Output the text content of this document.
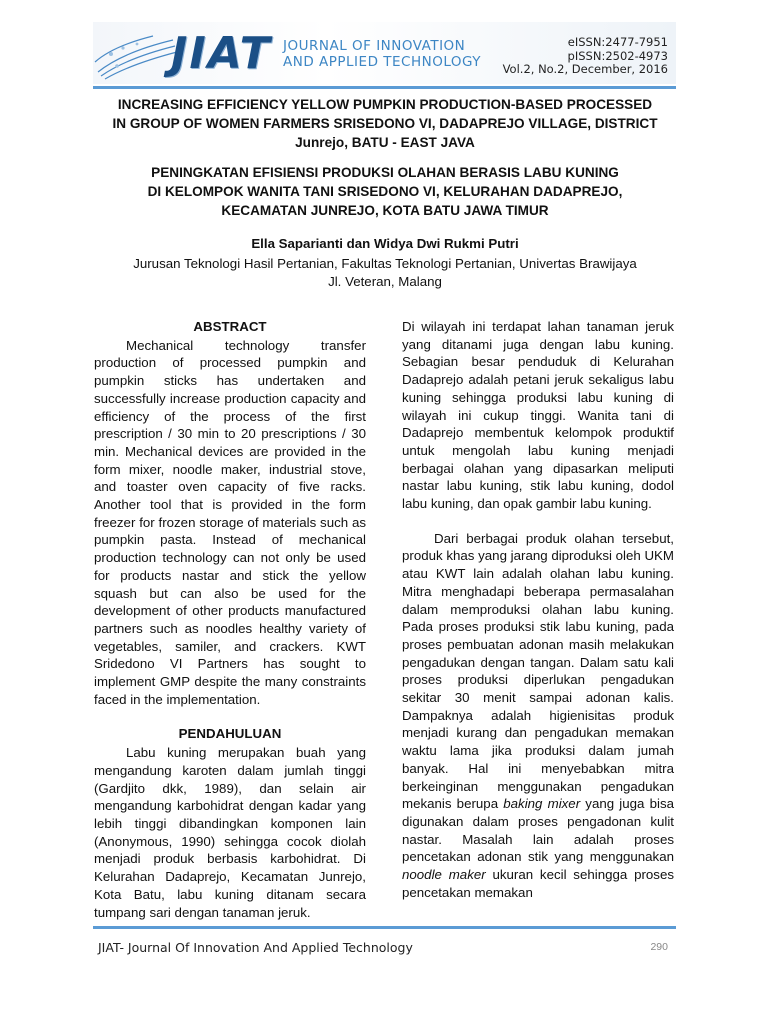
JIAT JOURNAL OF INNOVATION
AND APPLIED TECHNOLOGY
eISSN:2477-7951
pISSN:2502-4973
Vol.2, No.2, December, 2016
INCREASING EFFICIENCY YELLOW PUMPKIN PRODUCTION-BASED PROCESSED
IN GROUP OF WOMEN FARMERS SRISEDONO VI, DADAPREJO VILLAGE, DISTRICT
Junrejo, BATU - EAST JAVA
PENINGKATAN EFISIENSI PRODUKSI OLAHAN BERASIS LABU KUNING
DI KELOMPOK WANITA TANI SRISEDONO VI, KELURAHAN DADAPREJO,
KECAMATAN JUNREJO, KOTA BATU JAWA TIMUR
Ella Saparianti dan Widya Dwi Rukmi Putri
Jurusan Teknologi Hasil Pertanian, Fakultas Teknologi Pertanian, Univertas Brawijaya
Jl. Veteran, Malang
ABSTRACT

Mechanical technology transfer production of processed pumpkin and pumpkin sticks has undertaken and successfully increase production capacity and efficiency of the process of the first prescription / 30 min to 20 prescriptions / 30 min. Mechanical devices are provided in the form mixer, noodle maker, industrial stove, and toaster oven capacity of five racks. Another tool that is provided in the form freezer for frozen storage of materials such as pumpkin pasta. Instead of mechanical production technology can not only be used for products nastar and stick the yellow squash but can also be used for the development of other products manufactured partners such as noodles healthy variety of vegetables, samiler, and crackers. KWT Sridedono VI Partners has sought to implement GMP despite the many constraints faced in the implementation.

PENDAHULUAN

Labu kuning merupakan buah yang mengandung karoten dalam jumlah tinggi (Gardjito dkk, 1989), dan selain air mengandung karbohidrat dengan kadar yang lebih tinggi dibandingkan komponen lain (Anonymous, 1990) sehingga cocok diolah menjadi produk berbasis karbohidrat. Di Kelurahan Dadaprejo, Kecamatan Junrejo, Kota Batu, labu kuning ditanam secara tumpang sari dengan tanaman jeruk.

Di wilayah ini terdapat lahan tanaman jeruk yang ditanami juga dengan labu kuning. Sebagian besar penduduk di Kelurahan Dadaprejo adalah petani jeruk sekaligus labu kuning sehingga produksi labu kuning di wilayah ini cukup tinggi. Wanita tani di Dadaprejo membentuk kelompok produktif untuk mengolah labu kuning menjadi berbagai olahan yang dipasarkan meliputi nastar labu kuning, stik labu kuning, dodol labu kuning, dan opak gambir labu kuning.

Dari berbagai produk olahan tersebut, produk khas yang jarang diproduksi oleh UKM atau KWT lain adalah olahan labu kuning. Mitra menghadapi beberapa permasalahan dalam memproduksi olahan labu kuning. Pada proses produksi stik labu kuning, pada proses pembuatan adonan masih melakukan pengadukan dengan tangan. Dalam satu kali proses produksi diperlukan pengadukan sekitar 30 menit sampai adonan kalis. Dampaknya adalah higienisitas produk menjadi kurang dan pengadukan memakan waktu lama jika produksi dalam jumah banyak. Hal ini menyebabkan mitra berkeinginan menggunakan pengadukan mekanis berupa baking mixer yang juga bisa digunakan dalam proses pengadonan kulit nastar. Masalah lain adalah proses pencetakan adonan stik yang menggunakan noodle maker ukuran kecil sehingga proses pencetakan memakan

JIAT- Journal Of Innovation And Applied Technology	290
